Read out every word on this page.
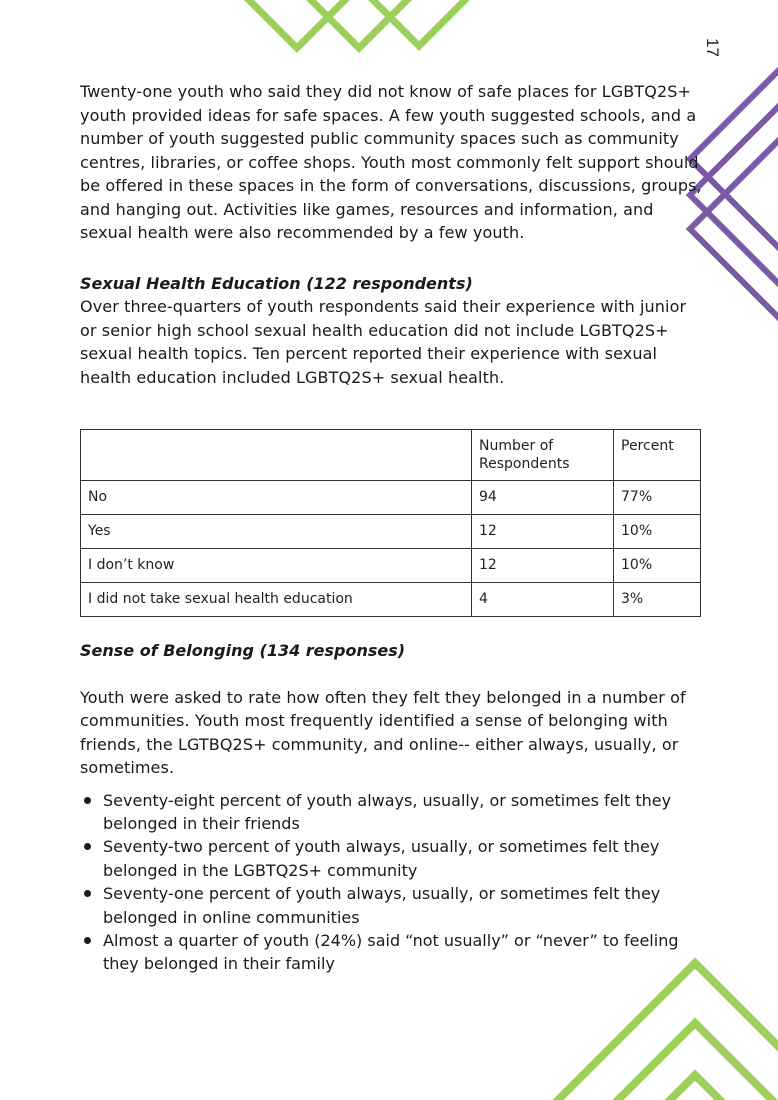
17

Twenty-one youth who said they did not know of safe places for LGBTQ2S+ youth provided ideas for safe spaces. A few youth suggested schools, and a number of youth suggested public community spaces such as community centres, libraries, or coffee shops. Youth most commonly felt support should be offered in these spaces in the form of conversations, discussions, groups, and hanging out. Activities like games, resources and information, and sexual health were also recommended by a few youth.

Sexual Health Education (122 respondents)

Over three-quarters of youth respondents said their experience with junior or senior high school sexual health education did not include LGBTQ2S+ sexual health topics. Ten percent reported their experience with sexual health education included LGBTQ2S+ sexual health.

	Number of Respondents	Percent
No	94	77%
Yes	12	10%
I don’t know	12	10%
I did not take sexual health education	4	3%

Sense of Belonging (134 responses)

Youth were asked to rate how often they felt they belonged in a number of communities. Youth most frequently identified a sense of belonging with friends, the LGTBQ2S+ community, and online-- either always, usually, or sometimes.

Seventy-eight percent of youth always, usually, or sometimes felt they belonged in their friends
Seventy-two percent of youth always, usually, or sometimes felt they belonged in the LGBTQ2S+ community
Seventy-one percent of youth always, usually, or sometimes felt they belonged in online communities
Almost a quarter of youth (24%) said “not usually” or “never” to feeling they belonged in their family
